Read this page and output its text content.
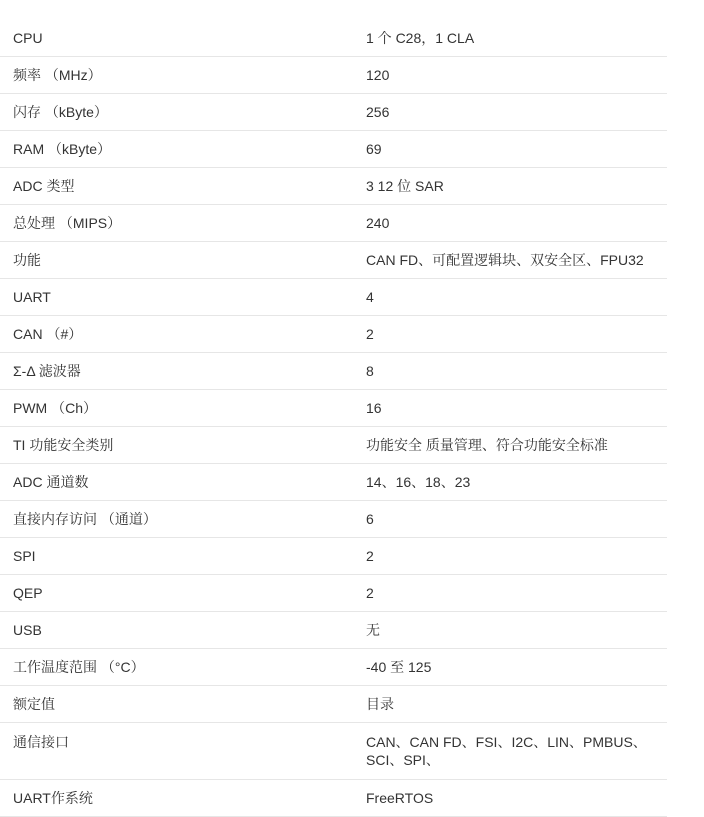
CPU	1 个 C28，1 CLA
频率 （MHz）	120
闪存 （kByte）	256
RAM （kByte）	69
ADC 类型	3 12 位 SAR
总处理 （MIPS）	240
功能	CAN FD、可配置逻辑块、双安全区、FPU32
UART	4
CAN （#）	2
Σ-Δ 滤波器	8
PWM （Ch）	16
TI 功能安全类别	功能安全 质量管理、符合功能安全标准
ADC 通道数	14、16、18、23
直接内存访问 （通道）	6
SPI	2
QEP	2
USB	无
工作温度范围 （°C）	-40 至 125
额定值	目录
通信接口	CAN、CAN FD、FSI、I2C、LIN、PMBUS、SCI、SPI、
UART作系统	FreeRTOS
